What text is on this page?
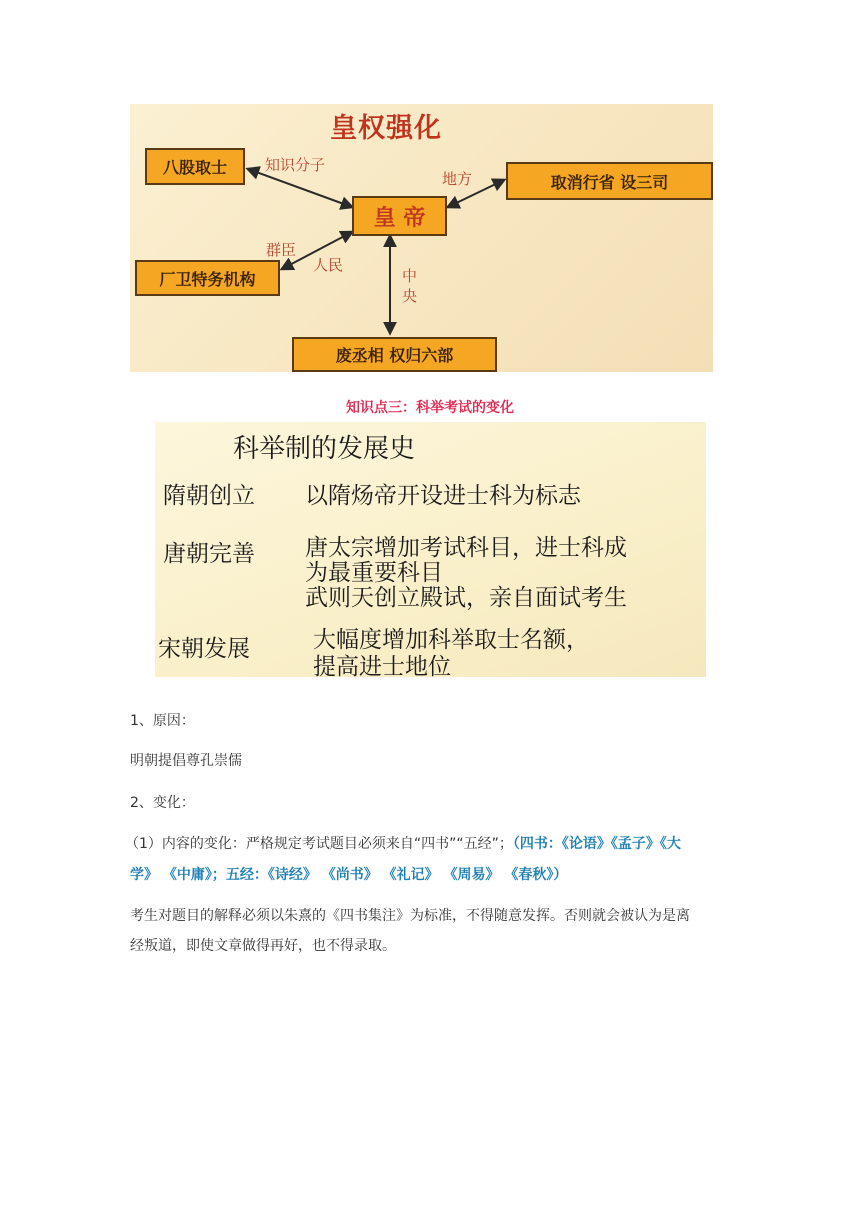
皇权强化
八股取士
取消行省 设三司
皇 帝
厂卫特务机构
废丞相 权归六部
知识分子
地方
群臣
人民
中
央
知识点三：科举考试的变化
科举制的发展史
隋朝创立 以隋炀帝开设进士科为标志
唐朝完善 唐太宗增加考试科目，进士科成
为最重要科目
武则天创立殿试，亲自面试考生
宋朝发展	大幅度增加科举取士名额，
提高进士地位
1、原因：
明朝提倡尊孔崇儒
2、变化：
（1）内容的变化：严格规定考试题目必须来自“四书”“五经”；（四书：《论语》《孟子》《大
学》 《中庸》；五经：《诗经》 《尚书》 《礼记》 《周易》 《春秋》）
考生对题目的解释必须以朱熹的《四书集注》为标准，不得随意发挥。否则就会被认为是离
经叛道，即使文章做得再好，也不得录取。
